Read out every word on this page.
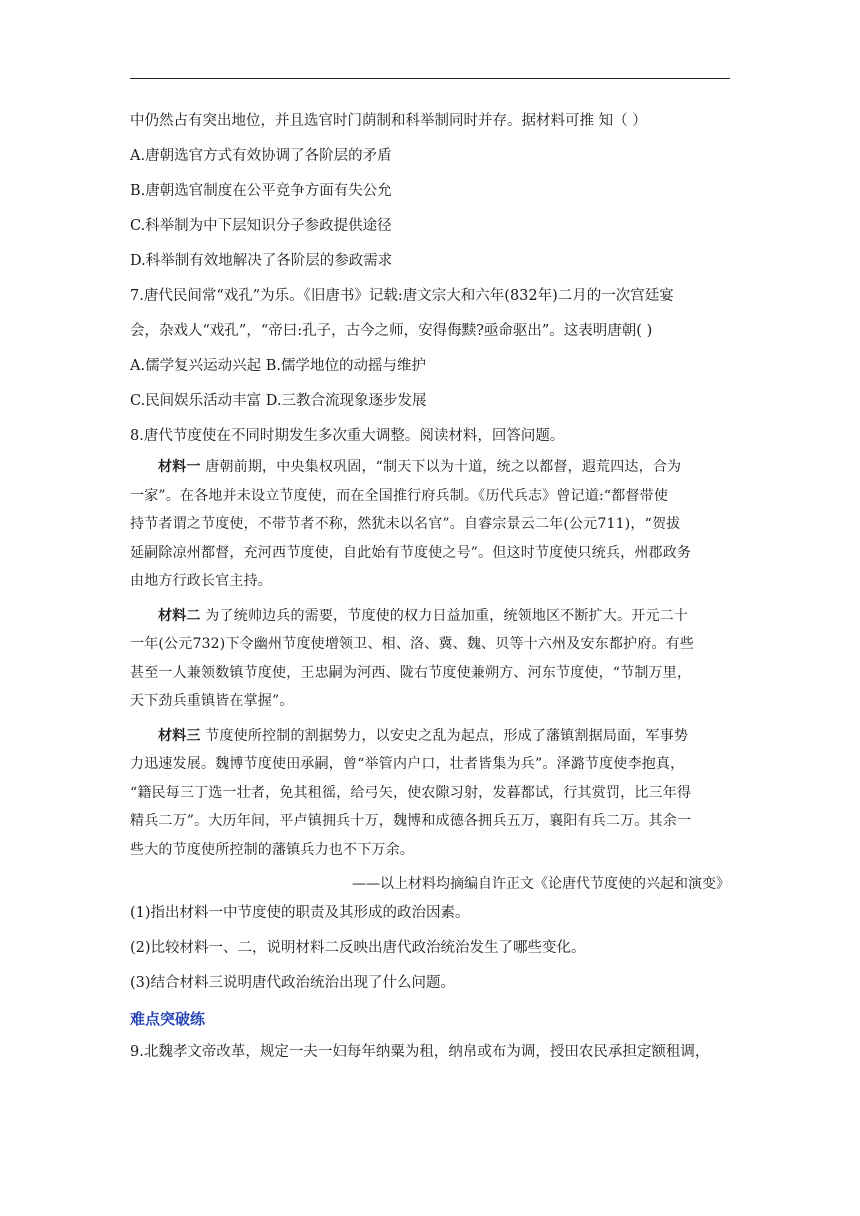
中仍然占有突出地位，并且选官时门荫制和科举制同时并存。据材料可推 知（ ）

A.唐朝选官方式有效协调了各阶层的矛盾

B.唐朝选官制度在公平竞争方面有失公允

C.科举制为中下层知识分子参政提供途径

D.科举制有效地解决了各阶层的参政需求

7.唐代民间常“戏孔”为乐。《旧唐书》记载:唐文宗大和六年(832年)二月的一次宫廷宴

会，杂戏人“戏孔”，“帝曰:孔子，古今之师，安得侮黩?亟命驱出”。这表明唐朝( )

A.儒学复兴运动兴起 B.儒学地位的动摇与维护

C.民间娱乐活动丰富 D.三教合流现象逐步发展

8.唐代节度使在不同时期发生多次重大调整。阅读材料，回答问题。

材料一 唐朝前期，中央集权巩固，“制天下以为十道，统之以都督，遐荒四达，合为

一家”。在各地并未设立节度使，而在全国推行府兵制。《历代兵志》曾记道:“都督带使

持节者谓之节度使，不带节者不称，然犹未以名官”。自睿宗景云二年(公元711)，“贺拔

延嗣除凉州都督，充河西节度使，自此始有节度使之号”。但这时节度使只统兵，州郡政务

由地方行政长官主持。

材料二 为了统帅边兵的需要，节度使的权力日益加重，统领地区不断扩大。开元二十

一年(公元732)下令幽州节度使增领卫、相、洛、冀、魏、贝等十六州及安东都护府。有些

甚至一人兼领数镇节度使，王忠嗣为河西、陇右节度使兼朔方、河东节度使，“节制万里，

天下劲兵重镇皆在掌握”。

材料三 节度使所控制的割据势力，以安史之乱为起点，形成了藩镇割据局面，军事势

力迅速发展。魏博节度使田承嗣，曾“举管内户口，壮者皆集为兵”。泽潞节度使李抱真，

“籍民每三丁选一壮者，免其租徭，给弓矢，使农隙习射，发暮都试，行其赏罚，比三年得

精兵二万”。大历年间，平卢镇拥兵十万，魏博和成德各拥兵五万，襄阳有兵二万。其余一

些大的节度使所控制的藩镇兵力也不下万余。

——以上材料均摘编自许正文《论唐代节度使的兴起和演变》

(1)指出材料一中节度使的职责及其形成的政治因素。

(2)比较材料一、二，说明材料二反映出唐代政治统治发生了哪些变化。

(3)结合材料三说明唐代政治统治出现了什么问题。

难点突破练

9.北魏孝文帝改革，规定一夫一妇每年纳粟为租，纳帛或布为调，授田农民承担定额租调，
